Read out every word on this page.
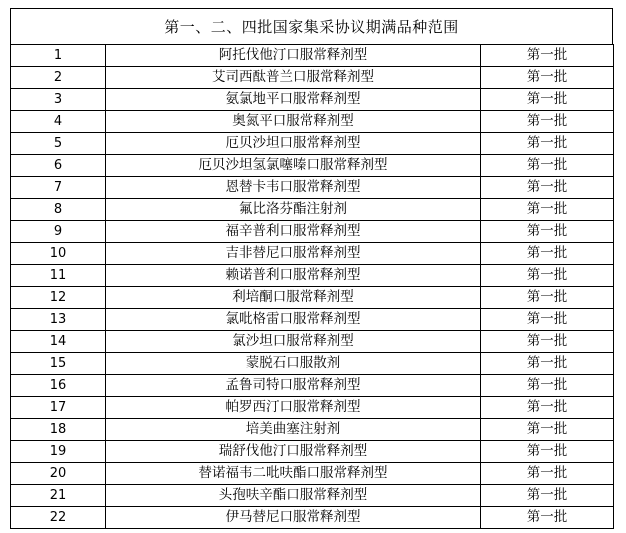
第一、二、四批国家集采协议期满品种范围
1	阿托伐他汀口服常释剂型	第一批
2	艾司西酞普兰口服常释剂型	第一批
3	氨氯地平口服常释剂型	第一批
4	奥氮平口服常释剂型	第一批
5	厄贝沙坦口服常释剂型	第一批
6	厄贝沙坦氢氯噻嗪口服常释剂型	第一批
7	恩替卡韦口服常释剂型	第一批
8	氟比洛芬酯注射剂	第一批
9	福辛普利口服常释剂型	第一批
10	吉非替尼口服常释剂型	第一批
11	赖诺普利口服常释剂型	第一批
12	利培酮口服常释剂型	第一批
13	氯吡格雷口服常释剂型	第一批
14	氯沙坦口服常释剂型	第一批
15	蒙脱石口服散剂	第一批
16	孟鲁司特口服常释剂型	第一批
17	帕罗西汀口服常释剂型	第一批
18	培美曲塞注射剂	第一批
19	瑞舒伐他汀口服常释剂型	第一批
20	替诺福韦二吡呋酯口服常释剂型	第一批
21	头孢呋辛酯口服常释剂型	第一批
22	伊马替尼口服常释剂型	第一批
